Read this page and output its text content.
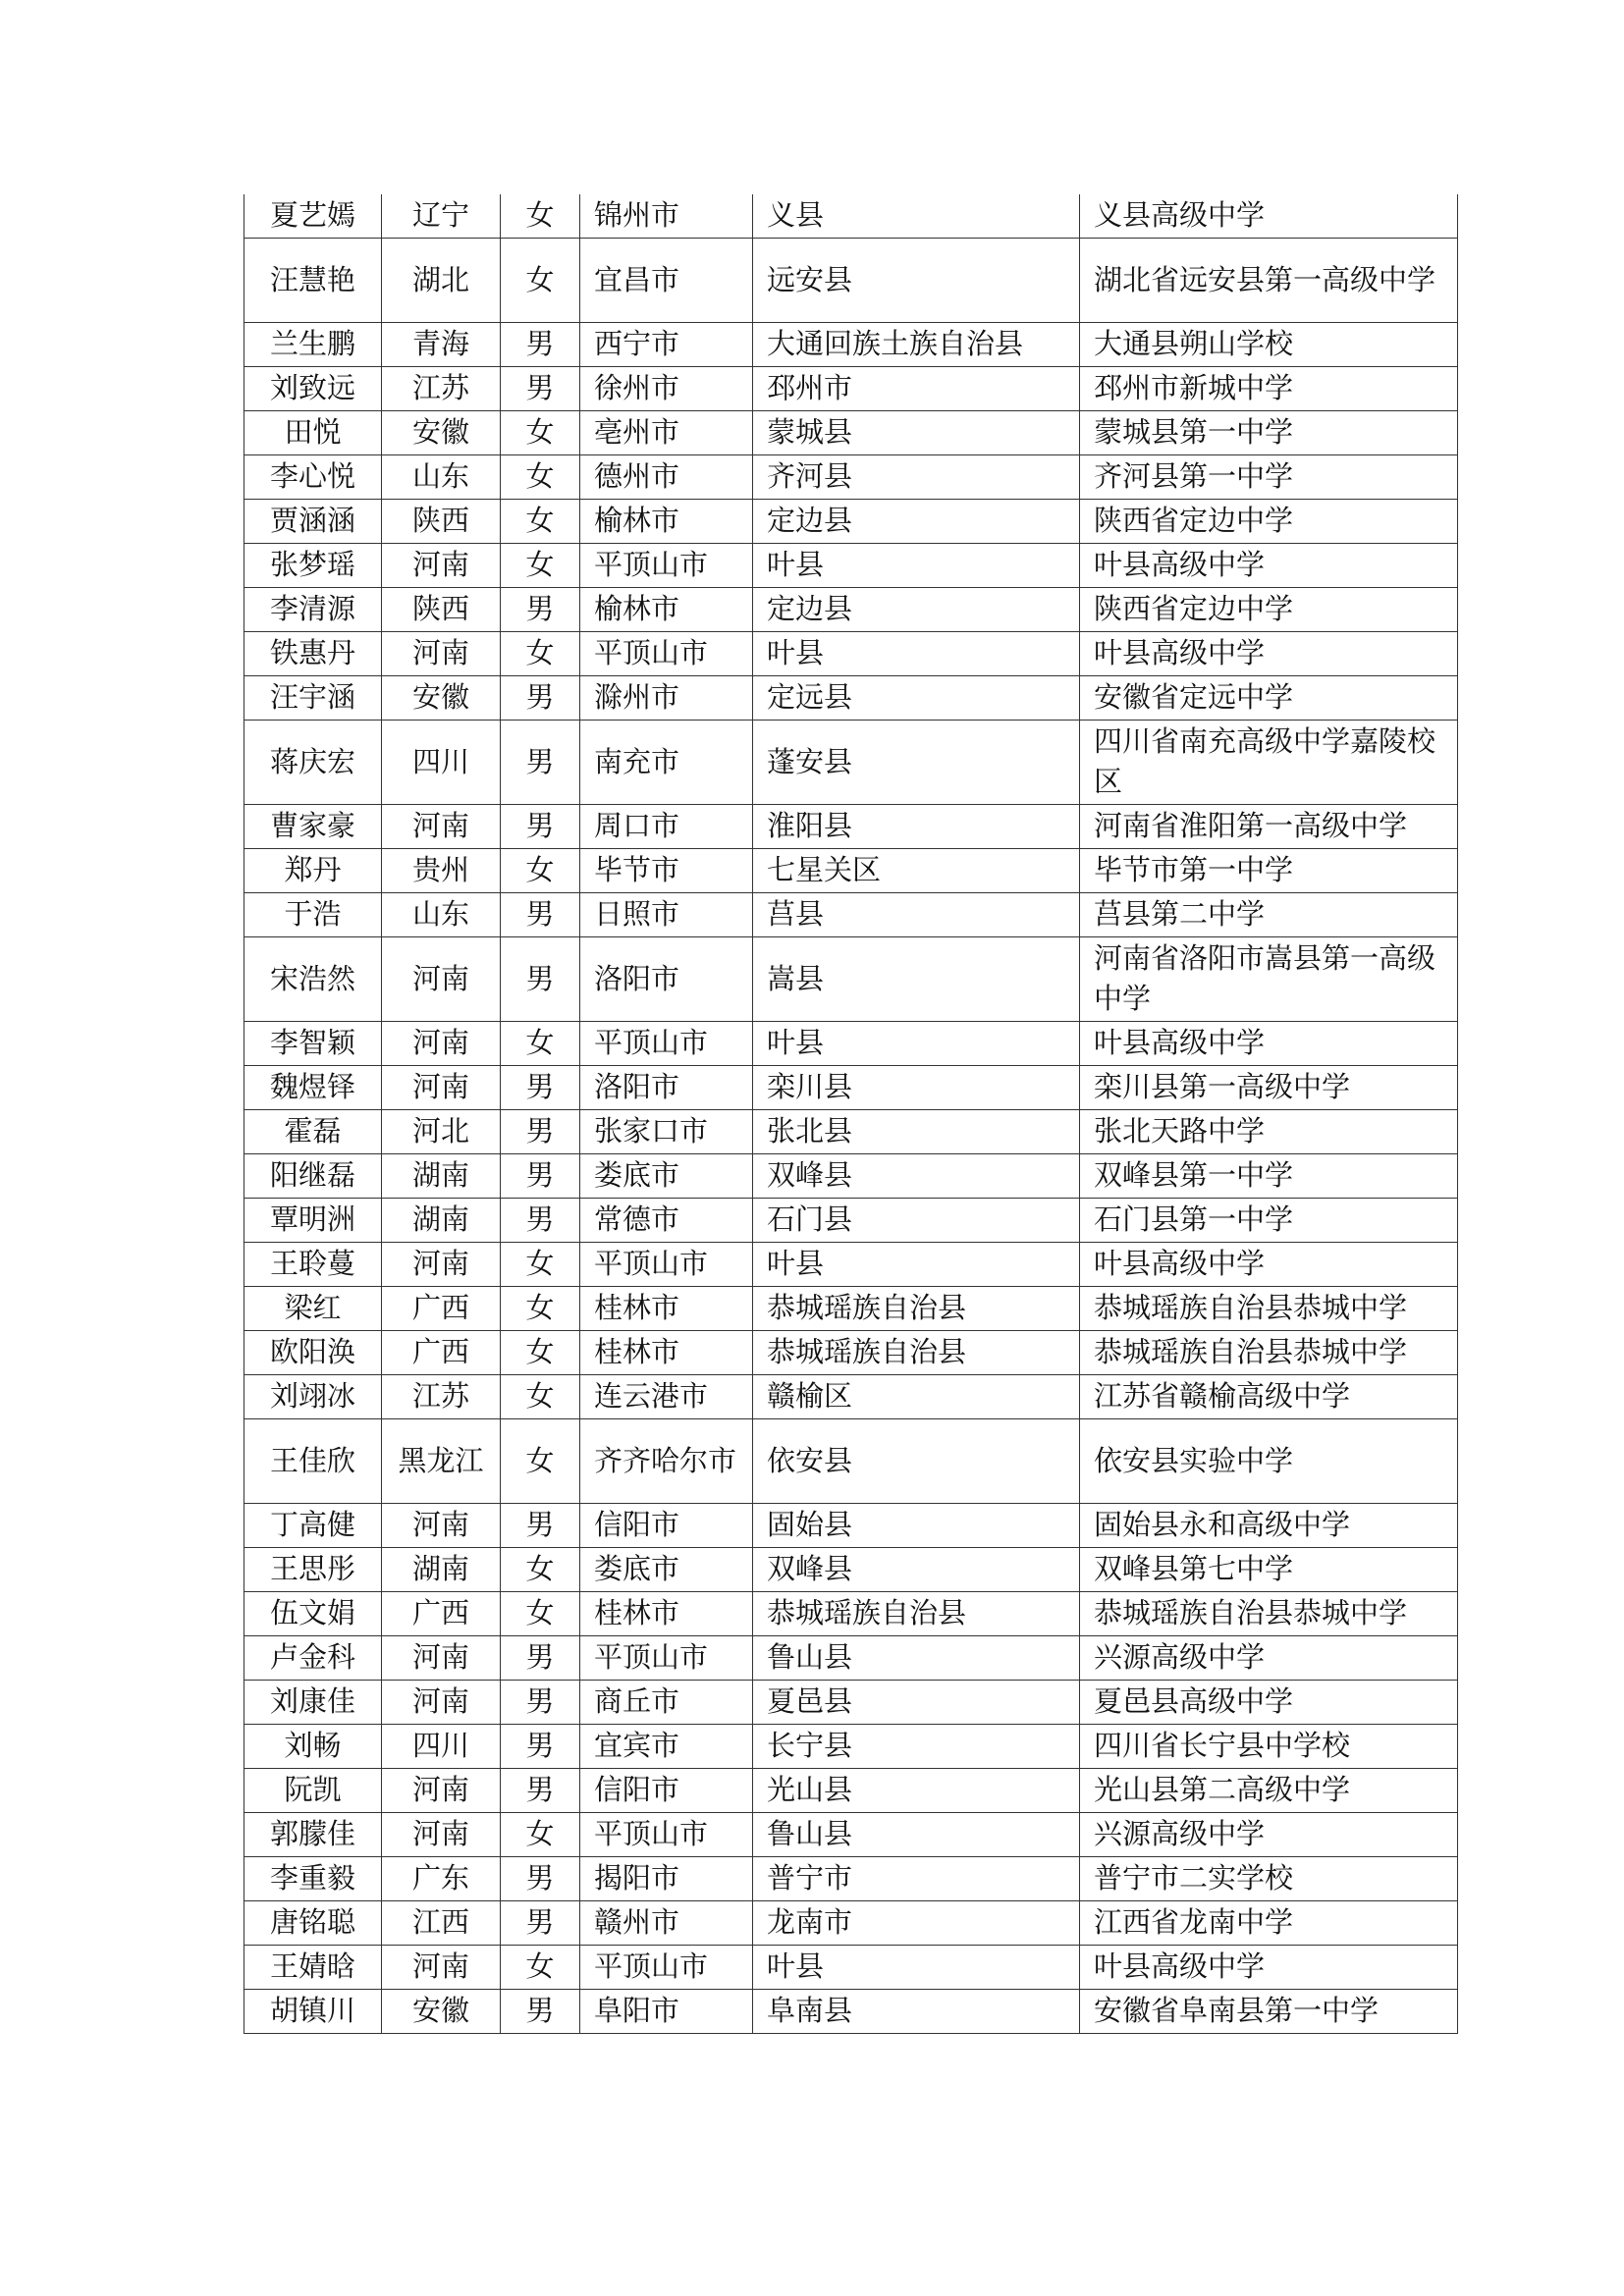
夏艺嫣	辽宁	女	锦州市	义县	义县高级中学
汪慧艳	湖北	女	宜昌市	远安县	湖北省远安县第一高级中学
兰生鹏	青海	男	西宁市	大通回族土族自治县	大通县朔山学校
刘致远	江苏	男	徐州市	邳州市	邳州市新城中学
田悦	安徽	女	亳州市	蒙城县	蒙城县第一中学
李心悦	山东	女	德州市	齐河县	齐河县第一中学
贾涵涵	陕西	女	榆林市	定边县	陕西省定边中学
张梦瑶	河南	女	平顶山市	叶县	叶县高级中学
李清源	陕西	男	榆林市	定边县	陕西省定边中学
铁惠丹	河南	女	平顶山市	叶县	叶县高级中学
汪宇涵	安徽	男	滁州市	定远县	安徽省定远中学
蒋庆宏	四川	男	南充市	蓬安县	四川省南充高级中学嘉陵校区
曹家豪	河南	男	周口市	淮阳县	河南省淮阳第一高级中学
郑丹	贵州	女	毕节市	七星关区	毕节市第一中学
于浩	山东	男	日照市	莒县	莒县第二中学
宋浩然	河南	男	洛阳市	嵩县	河南省洛阳市嵩县第一高级中学
李智颖	河南	女	平顶山市	叶县	叶县高级中学
魏煜铎	河南	男	洛阳市	栾川县	栾川县第一高级中学
霍磊	河北	男	张家口市	张北县	张北天路中学
阳继磊	湖南	男	娄底市	双峰县	双峰县第一中学
覃明洲	湖南	男	常德市	石门县	石门县第一中学
王聆蔓	河南	女	平顶山市	叶县	叶县高级中学
梁红	广西	女	桂林市	恭城瑶族自治县	恭城瑶族自治县恭城中学
欧阳涣	广西	女	桂林市	恭城瑶族自治县	恭城瑶族自治县恭城中学
刘翊冰	江苏	女	连云港市	赣榆区	江苏省赣榆高级中学
王佳欣	黑龙江	女	齐齐哈尔市	依安县	依安县实验中学
丁高健	河南	男	信阳市	固始县	固始县永和高级中学
王思彤	湖南	女	娄底市	双峰县	双峰县第七中学
伍文娟	广西	女	桂林市	恭城瑶族自治县	恭城瑶族自治县恭城中学
卢金科	河南	男	平顶山市	鲁山县	兴源高级中学
刘康佳	河南	男	商丘市	夏邑县	夏邑县高级中学
刘畅	四川	男	宜宾市	长宁县	四川省长宁县中学校
阮凯	河南	男	信阳市	光山县	光山县第二高级中学
郭朦佳	河南	女	平顶山市	鲁山县	兴源高级中学
李重毅	广东	男	揭阳市	普宁市	普宁市二实学校
唐铭聪	江西	男	赣州市	龙南市	江西省龙南中学
王婧晗	河南	女	平顶山市	叶县	叶县高级中学
胡镇川	安徽	男	阜阳市	阜南县	安徽省阜南县第一中学
